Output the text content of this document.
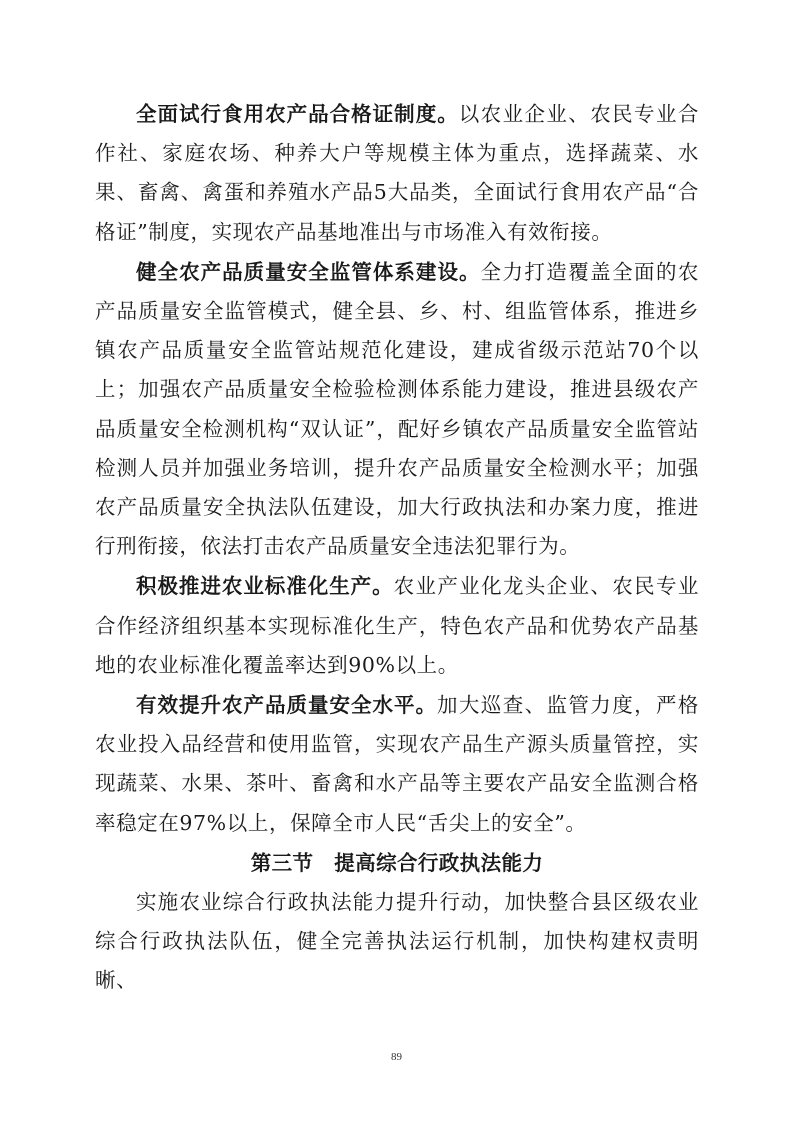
全面试行食用农产品合格证制度。以农业企业、农民专业合作社、家庭农场、种养大户等规模主体为重点，选择蔬菜、水果、畜禽、禽蛋和养殖水产品5大品类，全面试行食用农产品“合格证”制度，实现农产品基地准出与市场准入有效衔接。

健全农产品质量安全监管体系建设。全力打造覆盖全面的农产品质量安全监管模式，健全县、乡、村、组监管体系，推进乡镇农产品质量安全监管站规范化建设，建成省级示范站70个以上；加强农产品质量安全检验检测体系能力建设，推进县级农产品质量安全检测机构“双认证”，配好乡镇农产品质量安全监管站检测人员并加强业务培训，提升农产品质量安全检测水平；加强农产品质量安全执法队伍建设，加大行政执法和办案力度，推进行刑衔接，依法打击农产品质量安全违法犯罪行为。

积极推进农业标准化生产。农业产业化龙头企业、农民专业合作经济组织基本实现标准化生产，特色农产品和优势农产品基地的农业标准化覆盖率达到90%以上。

有效提升农产品质量安全水平。加大巡查、监管力度，严格农业投入品经营和使用监管，实现农产品生产源头质量管控，实现蔬菜、水果、茶叶、畜禽和水产品等主要农产品安全监测合格率稳定在97%以上，保障全市人民“舌尖上的安全”。

第三节　提高综合行政执法能力

实施农业综合行政执法能力提升行动，加快整合县区级农业综合行政执法队伍，健全完善执法运行机制，加快构建权责明晰、

89
